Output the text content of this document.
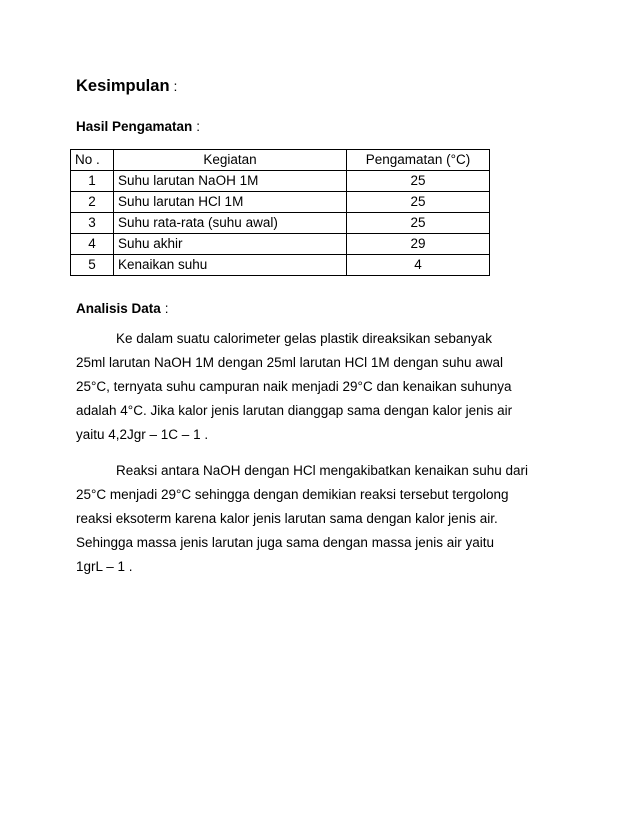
Kesimpulan :

Hasil Pengamatan :

No .	Kegiatan	Pengamatan (°C)
1	Suhu larutan NaOH 1M	25
2	Suhu larutan HCl 1M	25
3	Suhu rata-rata (suhu awal)	25
4	Suhu akhir	29
5	Kenaikan suhu	4

Analisis Data :

Ke dalam suatu calorimeter gelas plastik direaksikan sebanyak
25ml larutan NaOH 1M dengan 25ml larutan HCl 1M dengan suhu awal
25°C, ternyata suhu campuran naik menjadi 29°C dan kenaikan suhunya
adalah 4°C. Jika kalor jenis larutan dianggap sama dengan kalor jenis air
yaitu 4,2Jgr – 1C – 1 .
Reaksi antara NaOH dengan HCl mengakibatkan kenaikan suhu dari
25°C menjadi 29°C sehingga dengan demikian reaksi tersebut tergolong
reaksi eksoterm karena kalor jenis larutan sama dengan kalor jenis air.
Sehingga massa jenis larutan juga sama dengan massa jenis air yaitu
1grL – 1 .
